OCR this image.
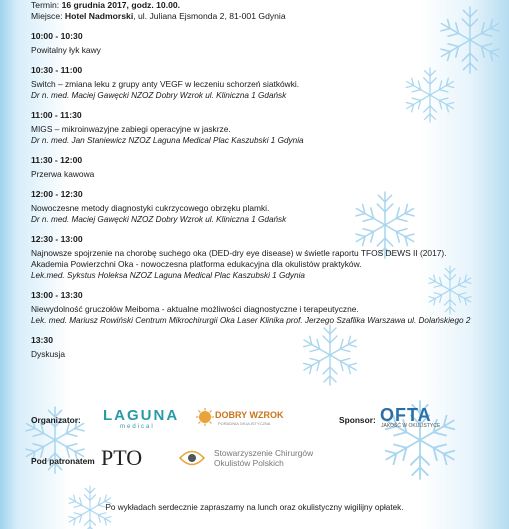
Termin: 16 grudnia 2017, godz. 10.00.
Miejsce: Hotel Nadmorski, ul. Juliana Ejsmonda 2, 81-001 Gdynia
10:00 - 10:30
Powitalny łyk kawy
10:30 - 11:00
Switch – zmiana leku z grupy anty VEGF w leczeniu schorzeń siatkówki.
Dr n. med. Maciej Gawęcki NZOZ Dobry Wzrok ul. Kliniczna 1 Gdańsk
11:00 - 11:30
MIGS – mikroinwazyjne zabiegi operacyjne w jaskrze.
Dr n. med. Jan Staniewicz NZOZ Laguna Medical Plac Kaszubski 1 Gdynia
11:30 - 12:00
Przerwa kawowa
12:00 - 12:30
Nowoczesne metody diagnostyki cukrzycowego obrzęku plamki.
Dr n. med. Maciej Gawęcki NZOZ Dobry Wzrok ul. Kliniczna 1 Gdańsk
12:30 - 13:00
Najnowsze spojrzenie na chorobę suchego oka (DED-dry eye disease) w świetle raportu TFOS DEWS II (2017).
Akademia Powierzchni Oka - nowoczesna platforma edukacyjna dla okulistów praktyków.
Lek.med. Sykstus Holeksa NZOZ Laguna Medical Plac Kaszubski 1 Gdynia
13:00 - 13:30
Niewydolność gruczołów Meiboma - aktualne możliwości diagnostyczne i terapeutyczne.
Lek. med. Mariusz Rowiński Centrum Mikrochirurgii Oka Laser Klinika prof. Jerzego Szaflika Warszawa ul. Dolańskiego 2
13:30
Dyskusja
Organizator: LAGUNA
medical
DOBRY WZROK
PORADNIA OKULISTYCZNA	Sponsor: OFTA
JAKOŚĆ W OKULISTYCE
Pod patronatem PTO	Stowarzyszenie Chirurgów
Okulistów Polskich
Po wykładach serdecznie zapraszamy na lunch oraz okulistyczny wigilijny opłatek.
